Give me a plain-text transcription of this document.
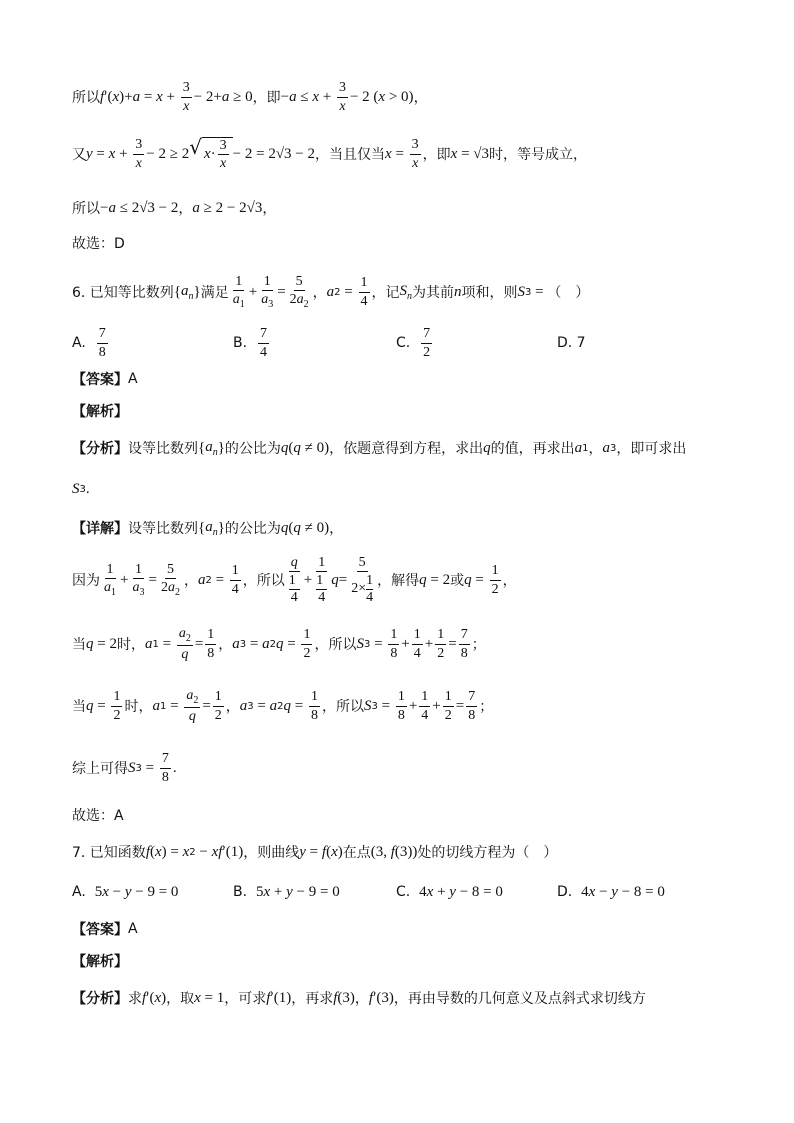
所以 f ′( x )+ $a = x + \frac{3}{x} - 2+ a \ge 0$ ，即 − $a \le x + \frac{3}{x} - 2$ ( x > 0) ，
又 $y = x + \frac{3}{x} - 2 \ge 2$ √ $x \cdot \frac{3}{x} - 2 = 2√3 - 2$ ，当且仅当 $x = \frac{3}{x}$ ，即 x = √3 时，等号成立，
所以 − a ≤ 2√3 − 2 ， a ≥ 2 − 2√3 ，
故选：D
6. 已知等比数列 { $a_n$ } 满足 $\frac{1}{a_1} + \frac{1}{a_3} = \frac{5}{2a_2}$ ， a $2 = \frac{1}{4}$ ，记 $S_n$ 为其前 n 项和，则 S 3 = （　）
A.
$\frac{7}{8}$	B.
$\frac{7}{4}$	C.
$\frac{7}{2}$	D. 7
【答案】 A
【解析】
【分析】 设等比数列 { $a_n$ } 的公比为 q ( q ≠ 0) ，依题意得到方程，求出 q 的值，再求出 a 1 ， a 3 ，即可求出
S 3 .
【详解】 设等比数列 { $a_n$ } 的公比为 q ( q ≠ 0) ，
因为 $\frac{1}{a_1} + \frac{1}{a_3} = \frac{5}{2a_2}$ ， a $2 = \frac{1}{4}$ ，所以
q
1
4
+
1
1
4
$q = \frac{5}{2\times \frac{1}{4}}$ ，解得 q = 2 或 $q = \frac{1}{2}$ ，
当 q = 2 时， a $1 = \frac{a_2}{q} = \frac{1}{8}$ ， a 3 = a 2 $q = \frac{1}{2}$ ，所以 S $3 = \frac{1}{8} + \frac{1}{4} + \frac{1}{2} = \frac{7}{8}$ ；
当 $q = \frac{1}{2}$ 时， a $1 = \frac{a_2}{q} = \frac{1}{2}$ ， a 3 = a 2 $q = \frac{1}{8}$ ，所以 S $3 = \frac{1}{8} + \frac{1}{4} + \frac{1}{2} = \frac{7}{8}$ ；
综上可得 S $3 = \frac{7}{8}$ .
故选：A
7. 已知函数 f ( x ) = x 2 − xf ′(1) ，则曲线 y = f ( x ) 在点 (3, f (3)) 处的切线方程为（　）
A.
5 x − y − 9 = 0	B.
5 x + y − 9 = 0	C.
4 x + y − 8 = 0	D.
4 x − y − 8 = 0
【答案】 A
【解析】
【分析】 求 f ′( x ) ，取 x = 1 ，可求 f ′(1) ，再求 f (3) ， f ′(3) ，再由导数的几何意义及点斜式求切线方
